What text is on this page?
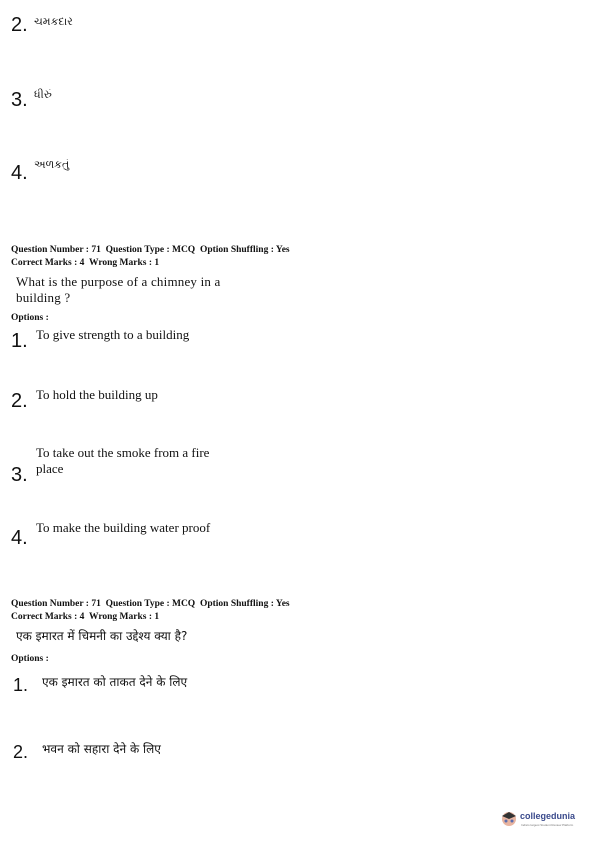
2. ચમકદાર
3. ધીરું
4. અળકતું
Question Number : 71  Question Type : MCQ  Option Shuffling : Yes
Correct Marks : 4  Wrong Marks : 1
What is the purpose of a chimney in a
building ?
Options :
1. To give strength to a building
2. To hold the building up
To take out the smoke from a fire
3. place
4. To make the building water proof
Question Number : 71  Question Type : MCQ  Option Shuffling : Yes
Correct Marks : 4  Wrong Marks : 1
एक इमारत में चिमनी का उद्देश्य क्या है?
Options :
1. एक इमारत को ताकत देने के लिए
2. भवन को सहारा देने के लिए
collegedunia
India's largest Student Review Platform
